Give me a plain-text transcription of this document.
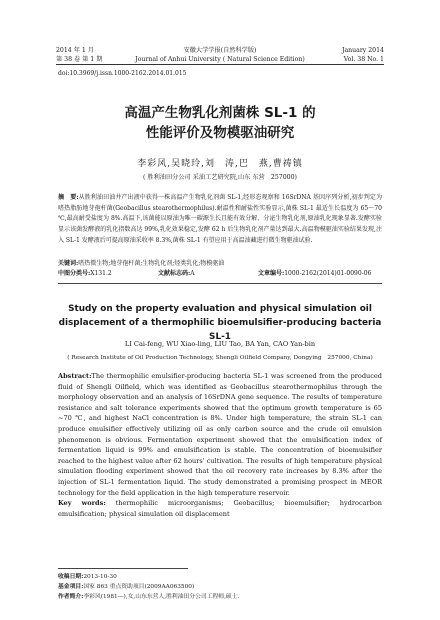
2014 年 1 月
第 38 卷 第 1 期
安徽大学学报(自然科学版)
Journal of Anhui University ( Natural Science Edition)
January 2014
Vol. 38 No. 1
doi:10.3969/j.issn.1000-2162.2014.01.015
高温产生物乳化剂菌株 SL-1 的
性能评价及物模驱油研究
李彩风,吴晓玲,刘　涛,巴　燕,曹祷镇
( 胜利油田分公司 采油工艺研究院,山东 东营　257000)
摘　要:从胜利油田油井产出液中获得一株高温产生物乳化剂菌 SL-1,经形态观察和 16SrDNA 基因序列分析,初步判定为嗜热脂肪地芽孢杆菌(Geobacillus stearothermophilus).耐温性和耐盐性实验显示,菌株 SL-1 最适生长温度为 65～70 ℃,最高耐受盐度为 8%.高温下,该菌能以原油为唯一碳源生长且能有效分解、分泌生物乳化剂,原油乳化现象显著.发酵实验显示该菌发酵液的乳化指数高达 99%,乳化效果稳定,发酵 62 h 后生物乳化剂产量达到最大.高温物模驱油实验结果发现,注入 SL-1 发酵液后可提高原油采收率 8.3%,菌株 SL-1 有望应用于高温油藏进行微生物驱油试验.
关键词:嗜热微生物;地芽孢杆菌;生物乳化剂;烃类乳化;物模驱油
中图分类号:X131.2	文献标志码:A	文章编号:1000-2162(2014)01-0090-06
Study on the property evaluation and physical simulation oil
displacement of a thermophilic bioemulsifier-producing bacteria SL-1
LI Cai-feng, WU Xiao-ling, LIU Tao, BA Yan, CAO Yan-bin
( Research Institute of Oil Production Technology, Shengli Oilfield Company, Dongying　257000, China)
Abstract:The thermophilic emulsifier-producing bacteria SL-1 was screened from the produced fluid of Shengli Oilfield, which was identified as Geobacillus stearothermophilus through the morphology observation and an analysis of 16SrDNA gene sequence. The results of temperature resistance and salt tolerance experiments showed that the optimum growth temperature is 65 ~70 ℃, and highest NaCl concentration is 8%. Under high temperature, the strain SL-1 can produce emulsifier effectively utilizing oil as only carbon source and the crude oil emulsion phenomenon is obvious. Fermentation experiment showed that the emulsification index of fermentation liquid is 99% and emulsification is stable. The concentration of bioemulsifier reached to the highest value after 62 hours' cultivation. The results of high temperature physical simulation flooding experiment showed that the oil recovery rate increases by 8.3% after the injection of SL-1 fermentation liquid. The study demonstrated a promising prospect in MEOR technology for the field application in the high temperature reservoir.
Key words: thermophilic microorganisms; Geobacillus; bioemulsifier; hydrocarbon emulsification; physical simulation oil displacement
收稿日期:2013-10-30
基金项目:国家 863 重点资助项目(2009AA063500)
作者简介:李彩风(1981—),女,山东东营人,胜利油田分公司工程师,硕士.
